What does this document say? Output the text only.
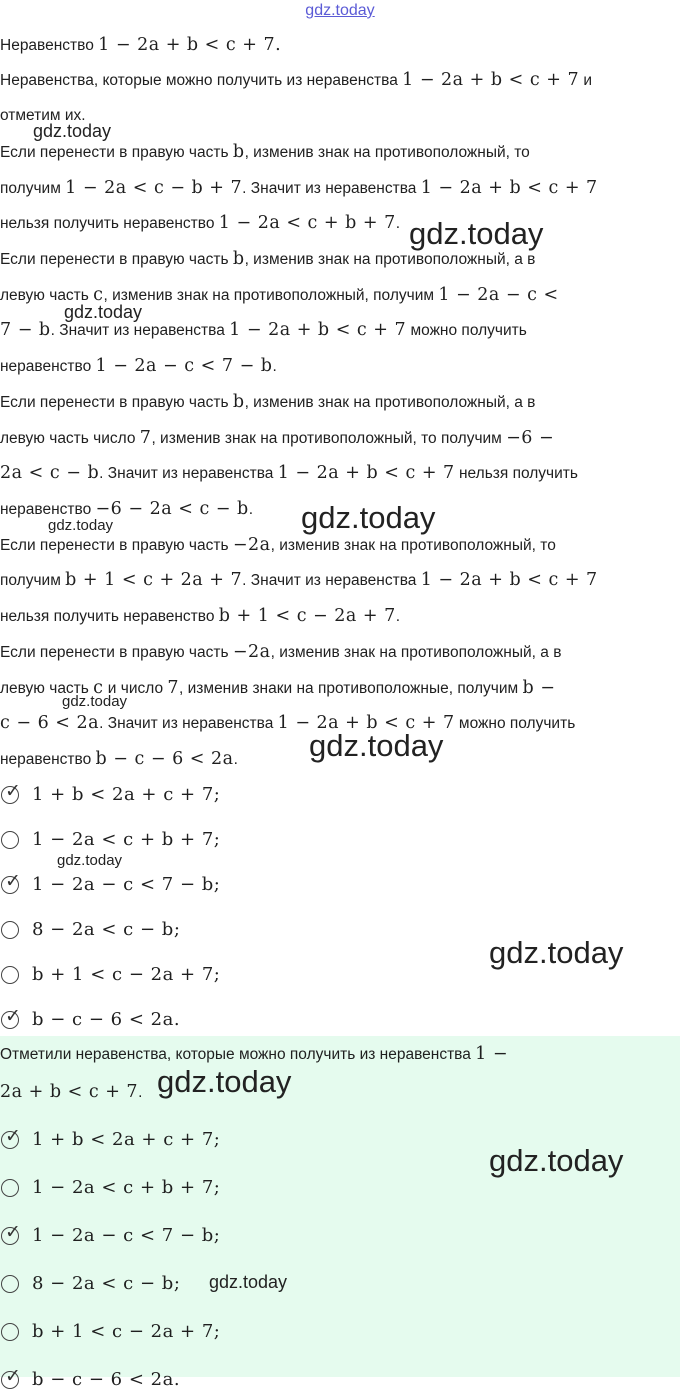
gdz.today
Неравенство 1 − 2a + b < c + 7.
Неравенства, которые можно получить из неравенства 1 − 2a + b < c + 7 и
отметим их.
Если перенести в правую часть b, изменив знак на противоположный, то
получим 1 − 2a < c − b + 7. Значит из неравенства 1 − 2a + b < c + 7
нельзя получить неравенство 1 − 2a < c + b + 7.
Если перенести в правую часть b, изменив знак на противоположный, а в
левую часть c, изменив знак на противоположный, получим 1 − 2a − c <
7 − b. Значит из неравенства 1 − 2a + b < c + 7 можно получить
неравенство 1 − 2a − c < 7 − b.
Если перенести в правую часть b, изменив знак на противоположный, а в
левую часть число 7, изменив знак на противоположный, то получим −6 −
2a < c − b. Значит из неравенства 1 − 2a + b < c + 7 нельзя получить
неравенство −6 − 2a < c − b.
Если перенести в правую часть −2a, изменив знак на противоположный, то
получим b + 1 < c + 2a + 7. Значит из неравенства 1 − 2a + b < c + 7
нельзя получить неравенство b + 1 < c − 2a + 7.
Если перенести в правую часть −2a, изменив знак на противоположный, а в
левую часть c и число 7, изменив знаки на противоположные, получим b −
c − 6 < 2a. Значит из неравенства 1 − 2a + b < c + 7 можно получить
неравенство b − c − 6 < 2a.
✓ 1 + b < 2a + c + 7;
1 − 2a < c + b + 7;
✓ 1 − 2a − c < 7 − b;
8 − 2a < c − b;
b + 1 < c − 2a + 7;
✓ b − c − 6 < 2a.
Отметили неравенства, которые можно получить из неравенства 1 −
2a + b < c + 7.
✓ 1 + b < 2a + c + 7;
1 − 2a < c + b + 7;
✓ 1 − 2a − c < 7 − b;
8 − 2a < c − b;
b + 1 < c − 2a + 7;
✓ b − c − 6 < 2a.
gdz.today
gdz.today
gdz.today
gdz.today	gdz.today
gdz.today
gdz.today
gdz.today
gdz.today
gdz.today
gdz.today
gdz.today
